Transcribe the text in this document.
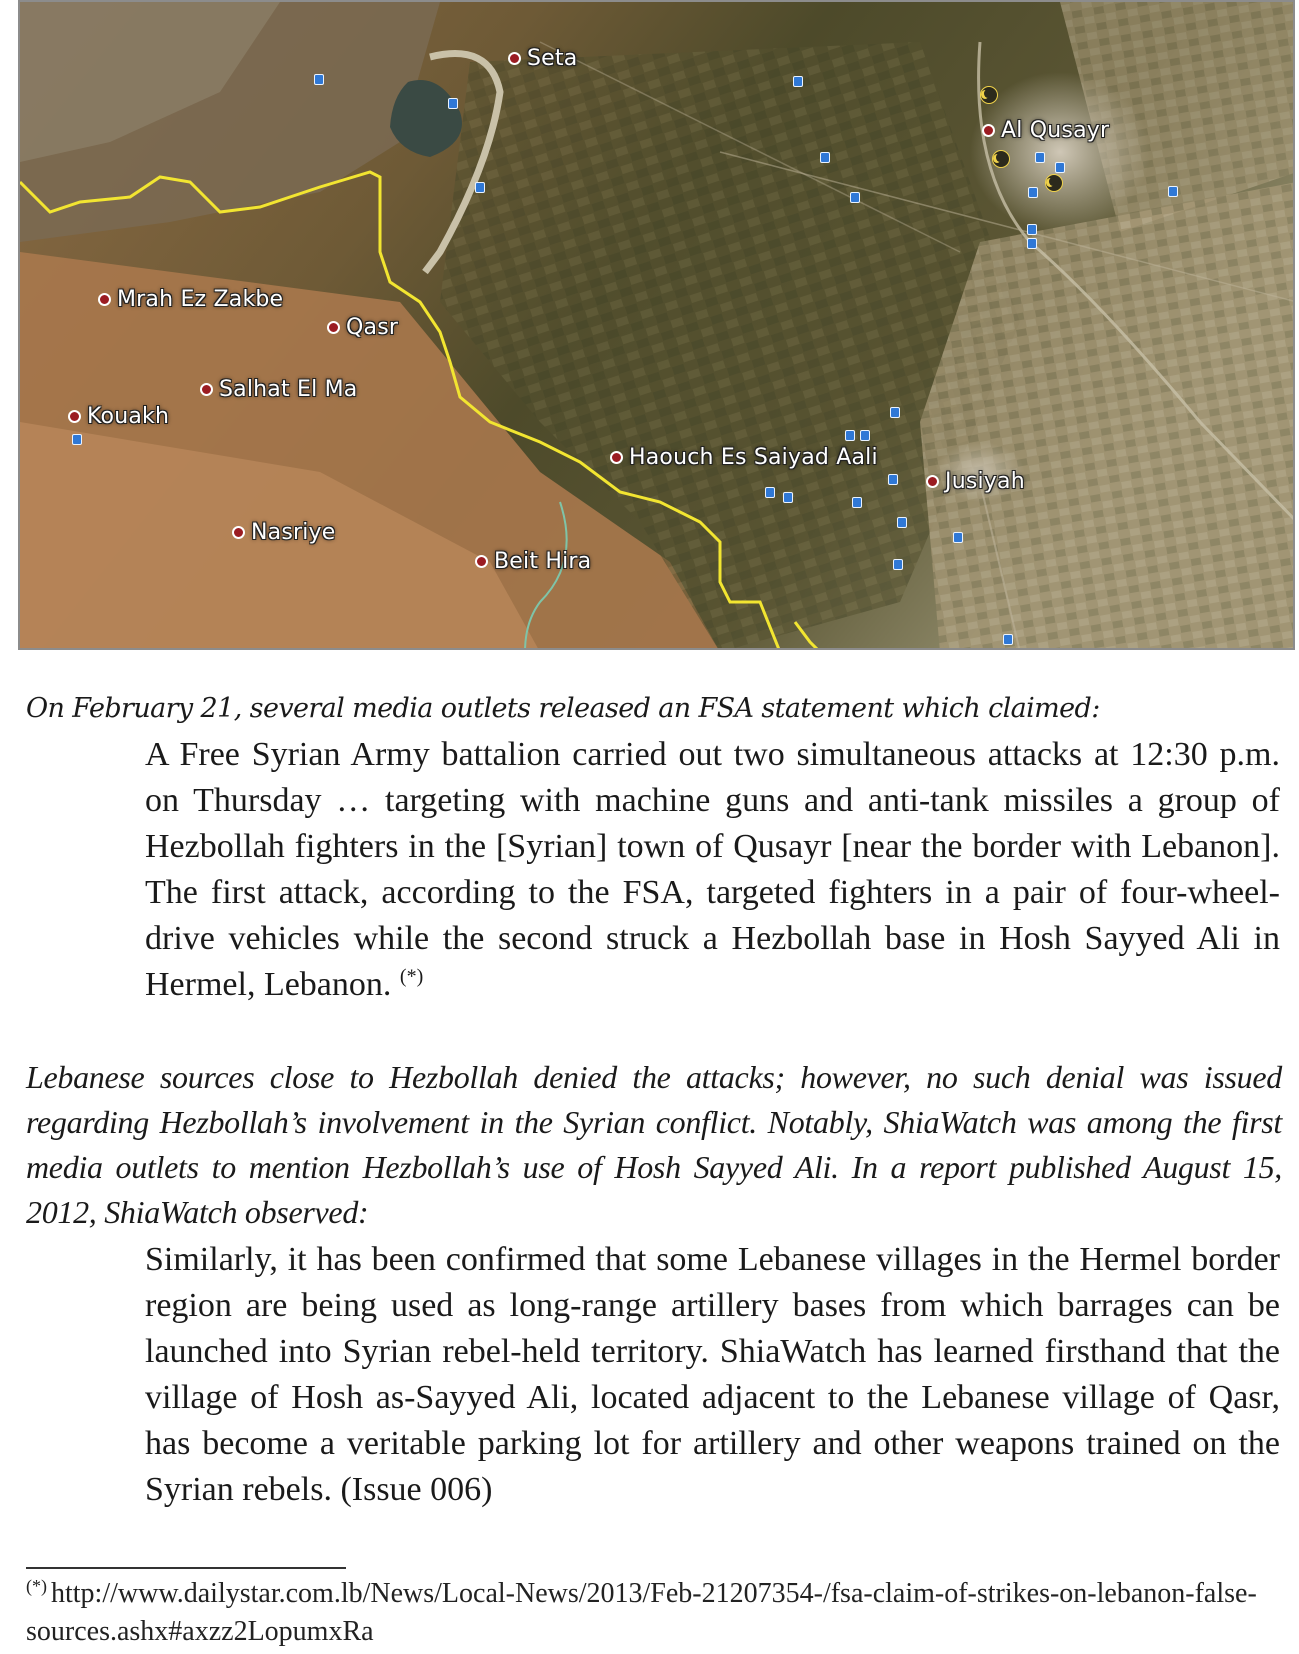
Seta
Al Qusayr
Mrah Ez Zakbe
Qasr
Salhat El Ma
Kouakh
Haouch Es Saiyad Aali
Jusiyah
Nasriye
Beit Hira
On February 21, several media outlets released an FSA statement which claimed:

A Free Syrian Army battalion carried out two simultaneous attacks at 12:30 p.m. on Thursday … targeting with machine guns and anti-tank missiles a group of Hezbollah fighters in the [Syrian] town of Qusayr [near the border with Lebanon]. The first attack, according to the FSA, targeted fighters in a pair of four-wheel-drive vehicles while the second struck a Hezbollah base in Hosh Sayyed Ali in Hermel, Lebanon. (*)

Lebanese sources close to Hezbollah denied the attacks; however, no such denial was issued regarding Hezbollah’s involvement in the Syrian conflict. Notably, ShiaWatch was among the first media outlets to mention Hezbollah’s use of Hosh Sayyed Ali. In a report published August 15, 2012, ShiaWatch observed:

Similarly, it has been confirmed that some Lebanese villages in the Hermel border region are being used as long-range artillery bases from which barrages can be launched into Syrian rebel-held territory. ShiaWatch has learned firsthand that the village of Hosh as-Sayyed Ali, located adjacent to the Lebanese village of Qasr, has become a veritable parking lot for artillery and other weapons trained on the Syrian rebels. (Issue 006)

(*) http://www.dailystar.com.lb/News/Local-News/2013/Feb-21207354-/fsa-claim-of-strikes-on-lebanon-false-sources.ashx#axzz2LopumxRa
